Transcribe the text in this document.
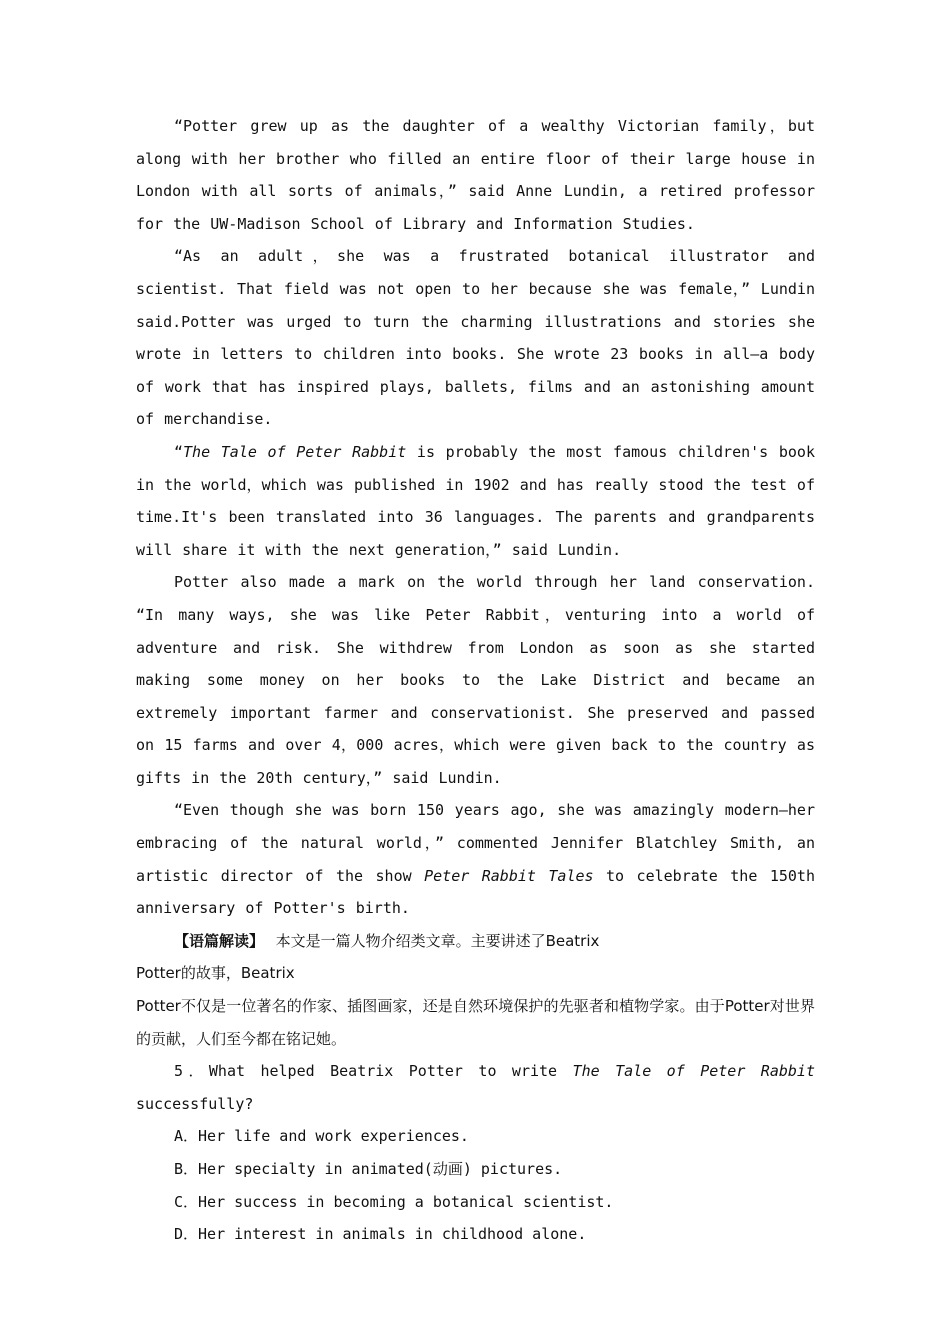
“Potter grew up as the daughter of a wealthy Victorian family，but along with her brother who filled an entire floor of their large house in London with all sorts of animals，” said Anne Lundin, a retired professor for the UW-Madison School of Library and Information Studies.

“As an adult，she was a frustrated botanical illustrator and scientist. That field was not open to her because she was female，” Lundin said.Potter was urged to turn the charming illustrations and stories she wrote in letters to children into books. She wrote 23 books in all—a body of work that has inspired plays, ballets, films and an astonishing amount of merchandise.

“The Tale of Peter Rabbit is probably the most famous children's book in the world，which was published in 1902 and has really stood the test of time.It's been translated into 36 languages. The parents and grandparents will share it with the next generation，” said Lundin.

Potter also made a mark on the world through her land conservation. “In many ways, she was like Peter Rabbit，venturing into a world of adventure and risk. She withdrew from London as soon as she started making some money on her books to the Lake District and became an extremely important farmer and conservationist. She preserved and passed on 15 farms and over 4，000 acres，which were given back to the country as gifts in the 20th century，” said Lundin.

“Even though she was born 150 years ago, she was amazingly modern—her embracing of the natural world，” commented Jennifer Blatchley Smith, an artistic director of the show Peter Rabbit Tales to celebrate the 150th anniversary of Potter's birth.

【语篇解读】 本文是一篇人物介绍类文章。主要讲述了Beatrix

Potter的故事，Beatrix

Potter不仅是一位著名的作家、插图画家，还是自然环境保护的先驱者和植物学家。由于Potter对世界的贡献，人们至今都在铭记她。

5．What helped Beatrix Potter to write The Tale of Peter Rabbit successfully?

A．Her life and work experiences.

B．Her specialty in animated(动画) pictures.

C．Her success in becoming a botanical scientist.

D．Her interest in animals in childhood alone.
